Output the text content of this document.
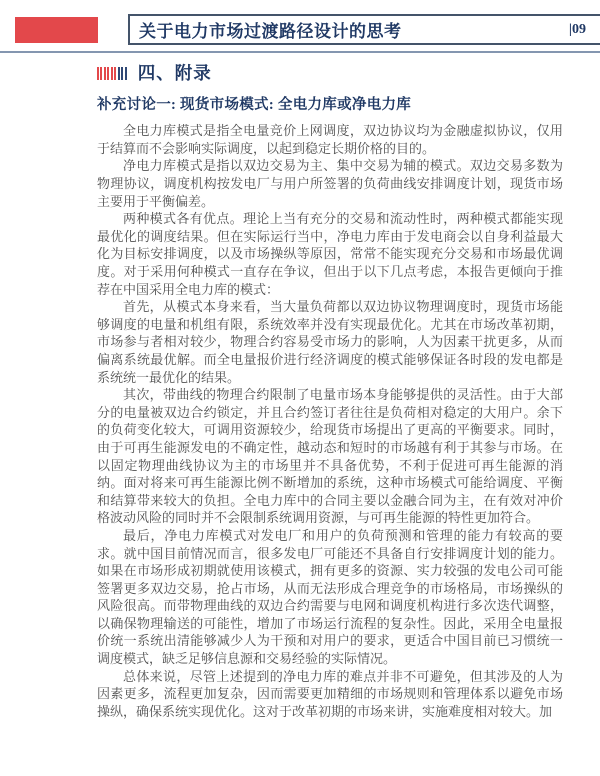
关于电力市场过渡路径设计的思考	|09
四、附录
补充讨论一: 现货市场模式: 全电力库或净电力库

全电力库模式是指全电量竞价上网调度，双边协议均为金融虚拟协议，仅用于结算而不会影响实际调度，以起到稳定长期价格的目的。

净电力库模式是指以双边交易为主、集中交易为辅的模式。双边交易多数为物理协议，调度机构按发电厂与用户所签署的负荷曲线安排调度计划，现货市场主要用于平衡偏差。

两种模式各有优点。理论上当有充分的交易和流动性时，两种模式都能实现最优化的调度结果。但在实际运行当中，净电力库由于发电商会以自身利益最大化为目标安排调度，以及市场操纵等原因，常常不能实现充分交易和市场最优调度。对于采用何种模式一直存在争议，但出于以下几点考虑，本报告更倾向于推荐在中国采用全电力库的模式：

首先，从模式本身来看，当大量负荷都以双边协议物理调度时，现货市场能够调度的电量和机组有限，系统效率并没有实现最优化。尤其在市场改革初期，市场参与者相对较少，物理合约容易受市场力的影响，人为因素干扰更多，从而偏离系统最优解。而全电量报价进行经济调度的模式能够保证各时段的发电都是系统统一最优化的结果。

其次，带曲线的物理合约限制了电量市场本身能够提供的灵活性。由于大部分的电量被双边合约锁定，并且合约签订者往往是负荷相对稳定的大用户。余下的负荷变化较大，可调用资源较少，给现货市场提出了更高的平衡要求。同时，由于可再生能源发电的不确定性，越动态和短时的市场越有利于其参与市场。在以固定物理曲线协议为主的市场里并不具备优势，不利于促进可再生能源的消纳。面对将来可再生能源比例不断增加的系统，这种市场模式可能给调度、平衡和结算带来较大的负担。全电力库中的合同主要以金融合同为主，在有效对冲价格波动风险的同时并不会限制系统调用资源，与可再生能源的特性更加符合。

最后，净电力库模式对发电厂和用户的负荷预测和管理的能力有较高的要求。就中国目前情况而言，很多发电厂可能还不具备自行安排调度计划的能力。如果在市场形成初期就使用该模式，拥有更多的资源、实力较强的发电公司可能签署更多双边交易，抢占市场，从而无法形成合理竞争的市场格局，市场操纵的风险很高。而带物理曲线的双边合约需要与电网和调度机构进行多次迭代调整，以确保物理输送的可能性，增加了市场运行流程的复杂性。因此，采用全电量报价统一系统出清能够减少人为干预和对用户的要求，更适合中国目前已习惯统一调度模式，缺乏足够信息源和交易经验的实际情况。

总体来说，尽管上述提到的净电力库的难点并非不可避免，但其涉及的人为因素更多，流程更加复杂，因而需要更加精细的市场规则和管理体系以避免市场操纵，确保系统实现优化。这对于改革初期的市场来讲，实施难度相对较大。加
